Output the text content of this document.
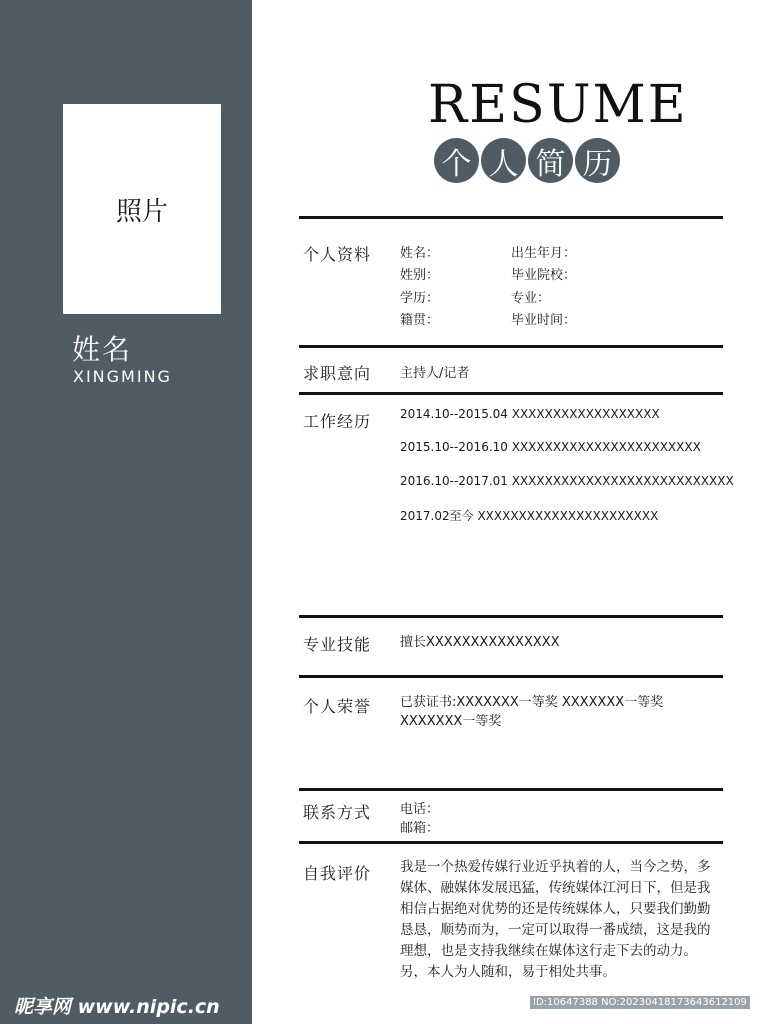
照片
姓名
XINGMING
昵享网 www.nipic.cn
RESUME
个 人 简 历
个人资料 姓名：
姓别：
学历：
籍贯：
出生年月：
毕业院校：
专业：
毕业时间：
求职意向 主持人/记者
工作经历 2014.10--2015.04 XXXXXXXXXXXXXXXXXX
2015.10--2016.10 XXXXXXXXXXXXXXXXXXXXXXX
2016.10--2017.01 XXXXXXXXXXXXXXXXXXXXXXXXXXX
2017.02至今 XXXXXXXXXXXXXXXXXXXXXX
专业技能 擅长XXXXXXXXXXXXXXX
个人荣誉 已获证书:XXXXXXX一等奖 XXXXXXX一等奖
XXXXXXX一等奖
联系方式 电话：
邮箱：
自我评价 我是一个热爱传媒行业近乎执着的人，当今之势，多媒体、融媒体发展迅猛，传统媒体江河日下，但是我相信占据绝对优势的还是传统媒体人，只要我们勤勤恳恳，顺势而为，一定可以取得一番成绩，这是我的理想，也是支持我继续在媒体这行走下去的动力。另，本人为人随和，易于相处共事。
ID:10647388 NO:20230418173643612109
